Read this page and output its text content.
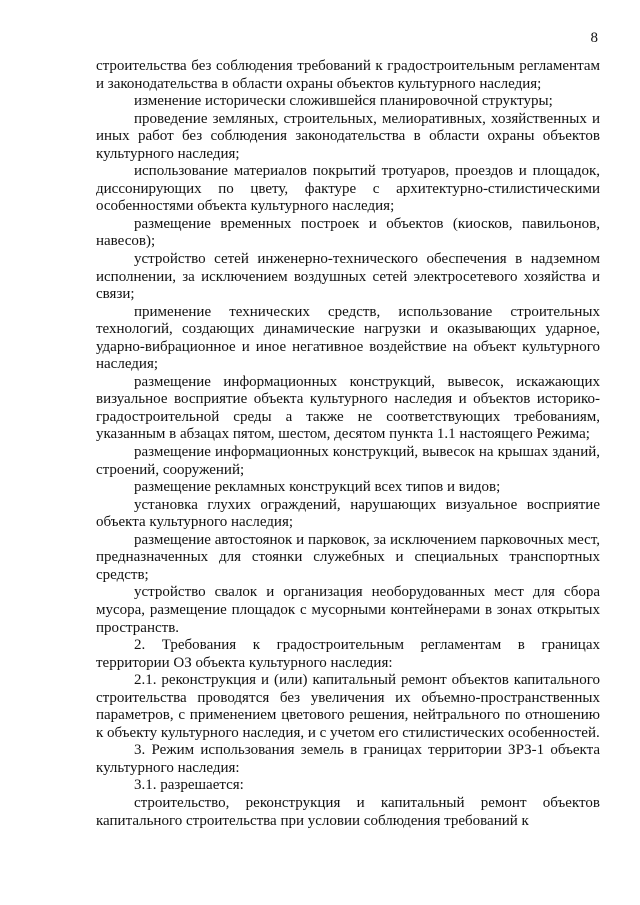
8

строительства без соблюдения требований к градостроительным регламентам и законодательства в области охраны объектов культурного наследия;

изменение исторически сложившейся планировочной структуры;

проведение земляных, строительных, мелиоративных, хозяйственных и иных работ без соблюдения законодательства в области охраны объектов культурного наследия;

использование материалов покрытий тротуаров, проездов и площадок, диссонирующих по цвету, фактуре с архитектурно-стилистическими особенностями объекта культурного наследия;

размещение временных построек и объектов (киосков, павильонов, навесов);

устройство сетей инженерно-технического обеспечения в надземном исполнении, за исключением воздушных сетей электросетевого хозяйства и связи;

применение технических средств, использование строительных технологий, создающих динамические нагрузки и оказывающих ударное, ударно-вибрационное и иное негативное воздействие на объект культурного наследия;

размещение информационных конструкций, вывесок, искажающих визуальное восприятие объекта культурного наследия и объектов историко-градостроительной среды а также не соответствующих требованиям, указанным в абзацах пятом, шестом, десятом пункта 1.1 настоящего Режима;

размещение информационных конструкций, вывесок на крышах зданий, строений, сооружений;

размещение рекламных конструкций всех типов и видов;

установка глухих ограждений, нарушающих визуальное восприятие объекта культурного наследия;

размещение автостоянок и парковок, за исключением парковочных мест, предназначенных для стоянки служебных и специальных транспортных средств;

устройство свалок и организация необорудованных мест для сбора мусора, размещение площадок с мусорными контейнерами в зонах открытых пространств.

2. Требования к градостроительным регламентам в границах территории ОЗ объекта культурного наследия:

2.1. реконструкция и (или) капитальный ремонт объектов капитального строительства проводятся без увеличения их объемно-пространственных параметров, с применением цветового решения, нейтрального по отношению к объекту культурного наследия, и с учетом его стилистических особенностей.

3. Режим использования земель в границах территории ЗРЗ-1 объекта культурного наследия:

3.1. разрешается:

строительство, реконструкция и капитальный ремонт объектов капитального строительства при условии соблюдения требований к
